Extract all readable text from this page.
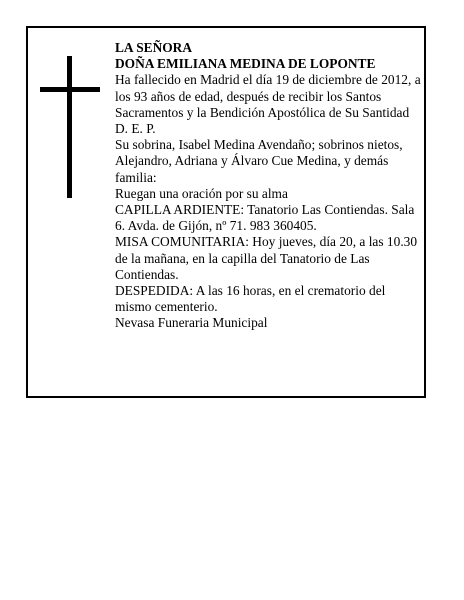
LA SEÑORA

DOÑA EMILIANA MEDINA DE LOPONTE

Ha fallecido en Madrid el día 19 de diciembre de 2012, a los 93 años de edad, después de recibir los Santos Sacramentos y la Bendición Apostólica de Su Santidad

D. E. P.

Su sobrina, Isabel Medina Avendaño; sobrinos nietos, Alejandro, Adriana y Álvaro Cue Medina, y demás familia:

Ruegan una oración por su alma

CAPILLA ARDIENTE: Tanatorio Las Contiendas. Sala 6. Avda. de Gijón, nº 71. 983 360405.

MISA COMUNITARIA: Hoy jueves, día 20, a las 10.30 de la mañana, en la capilla del Tanatorio de Las Contiendas.

DESPEDIDA: A las 16 horas, en el crematorio del mismo cementerio.

Nevasa Funeraria Municipal
